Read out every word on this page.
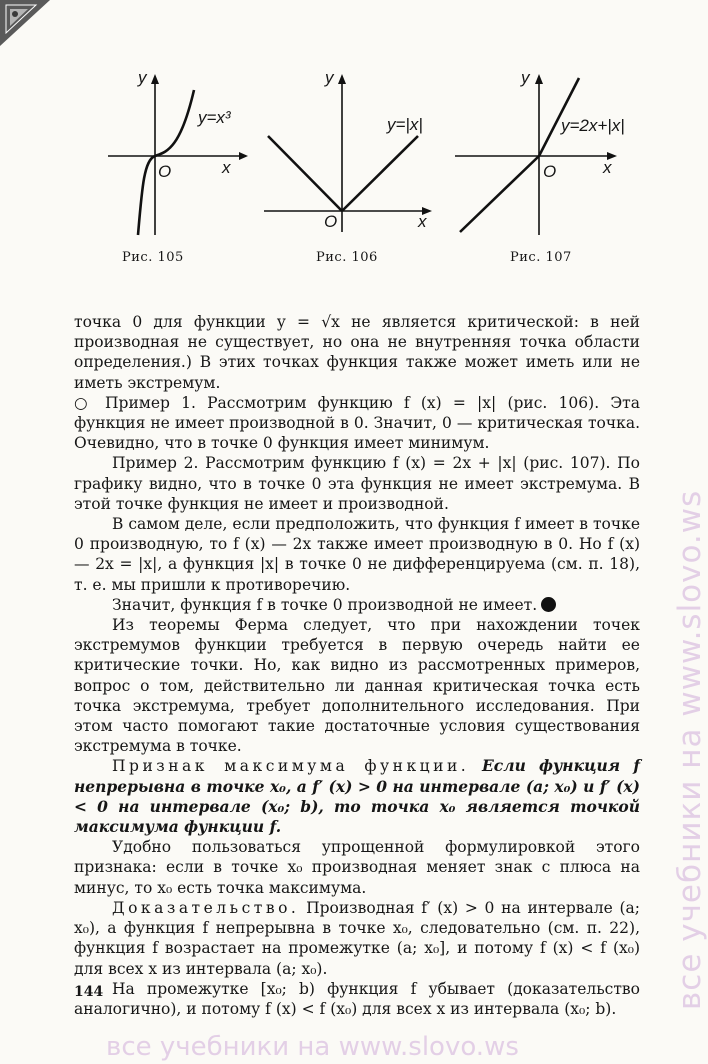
y
x
O
y=x³
Рис. 105
y
x
O
y=|x|
Рис. 106
y
x
O
y=2x+|x|
Рис. 107

точка 0 для функции y = √x не является критической: в ней производная не существует, но она не внутренняя точка области определения.) В этих точках функция также может иметь или не иметь экстремум.

○ Пример 1. Рассмотрим функцию f (x) = |x| (рис. 106). Эта функция не имеет производной в 0. Значит, 0 — критическая точка. Очевидно, что в точке 0 функция имеет минимум.

Пример 2. Рассмотрим функцию f (x) = 2x + |x| (рис. 107). По графику видно, что в точке 0 эта функция не имеет экстремума. В этой точке функция не имеет и производной.

В самом деле, если предположить, что функция f имеет в точке 0 производную, то f (x) — 2x также имеет производную в 0. Но f (x) — 2x = |x|, а функция |x| в точке 0 не дифференцируема (см. п. 18), т. е. мы пришли к противоречию.

Значит, функция f в точке 0 производной не имеет.

Из теоремы Ферма следует, что при нахождении точек экстремумов функции требуется в первую очередь найти ее критические точки. Но, как видно из рассмотренных примеров, вопрос о том, действительно ли данная критическая точка есть точка экстремума, требует дополнительного исследования. При этом часто помогают такие достаточные условия существования экстремума в точке.

Признак максимума функции. Если функция f непрерывна в точке x₀, а f′ (x) > 0 на интервале (a; x₀) и f′ (x) < 0 на интервале (x₀; b), то точка x₀ является точкой максимума функции f.

Удобно пользоваться упрощенной формулировкой этого признака: если в точке x₀ производная меняет знак с плюса на минус, то x₀ есть точка максимума.

Доказательство. Производная f′ (x) > 0 на интервале (a; x₀), а функция f непрерывна в точке x₀, следовательно (см. п. 22), функция f возрастает на промежутке (a; x₀], и потому f (x) < f (x₀) для всех x из интервала (a; x₀).

На промежутке [x₀; b) функция f убывает (доказательство аналогично), и потому f (x) < f (x₀) для всех x из интервала (x₀; b).

144	все учебники на www.slovo.ws
все учебники на www.slovo.ws
